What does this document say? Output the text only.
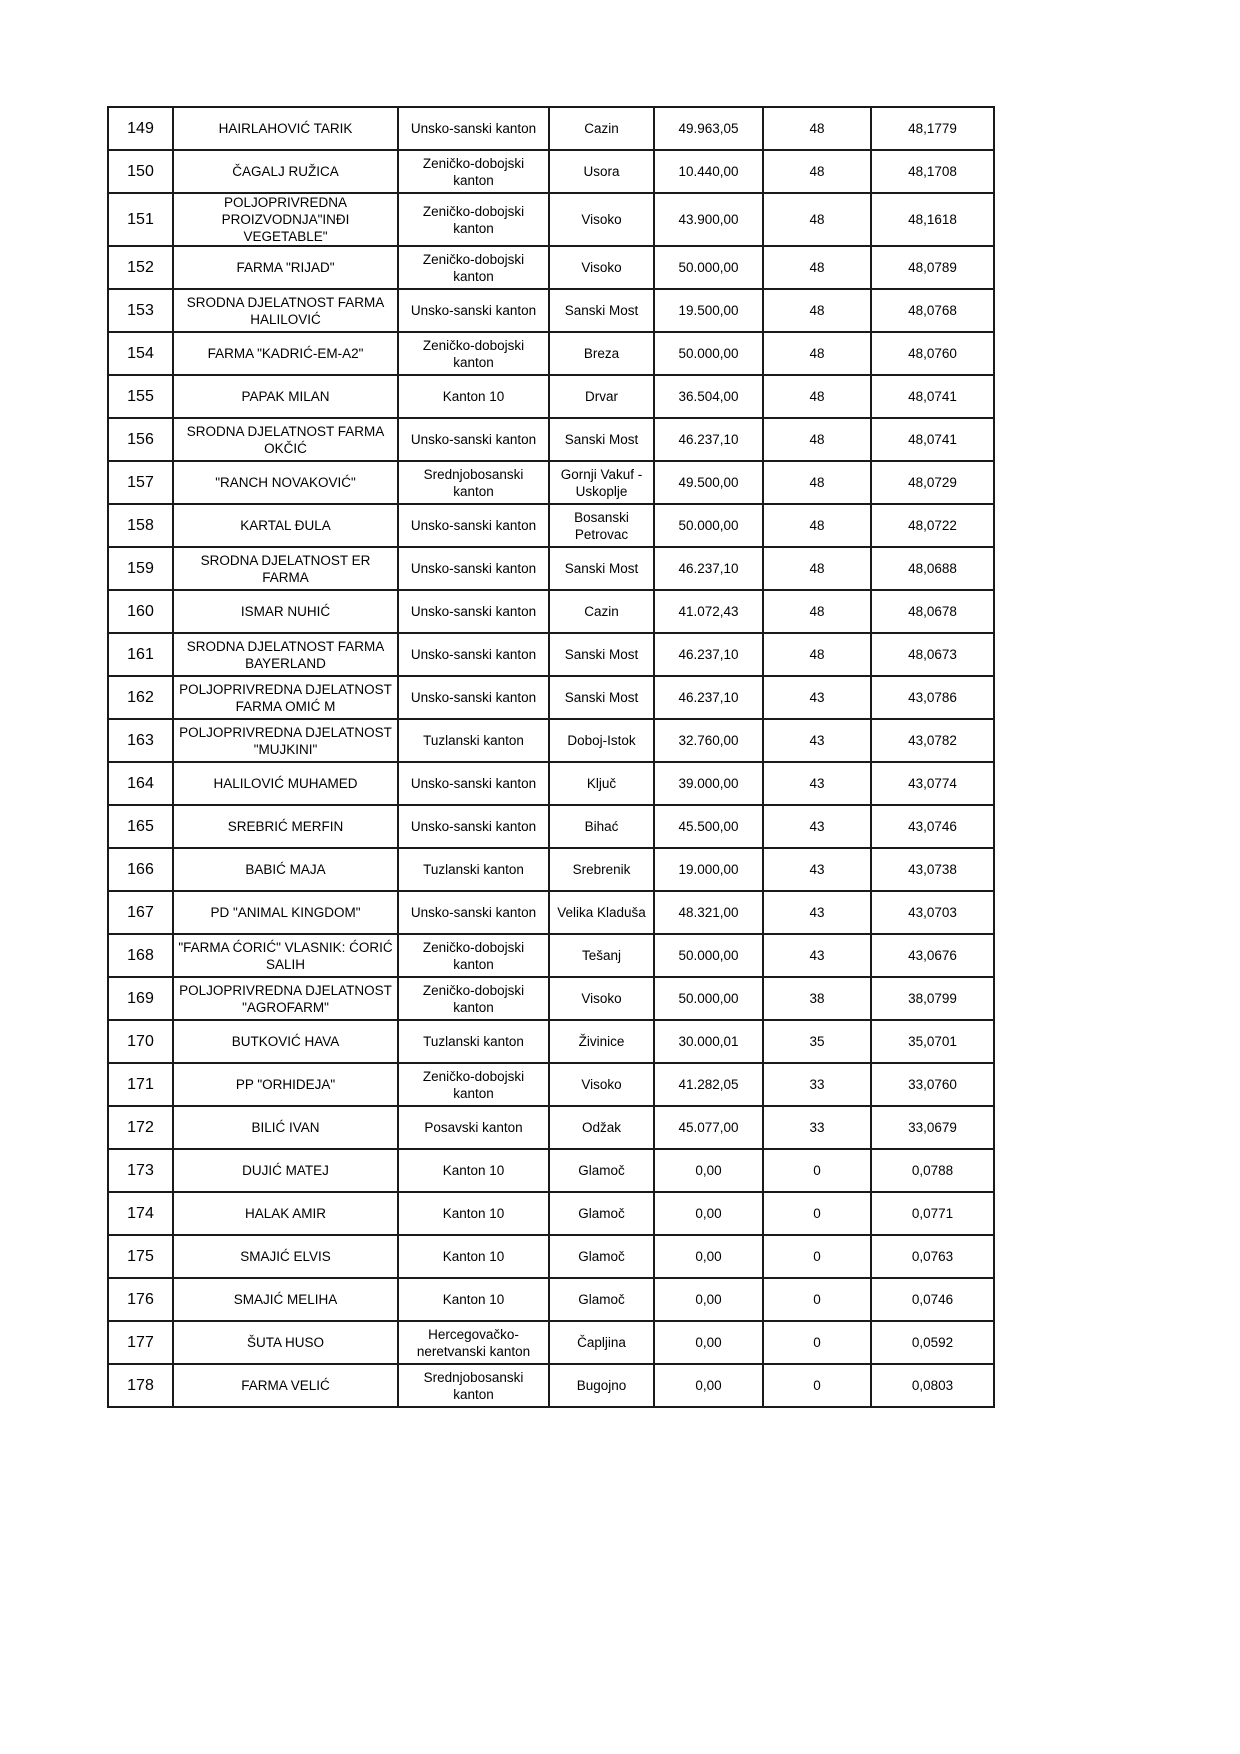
149	HAIRLAHOVIĆ TARIK	Unsko-sanski kanton	Cazin	49.963,05	48	48,1779
150	ČAGALJ RUŽICA	Zeničko-dobojski kanton	Usora	10.440,00	48	48,1708
151	POLJOPRIVREDNA PROIZVODNJA"INĐI VEGETABLE"	Zeničko-dobojski kanton	Visoko	43.900,00	48	48,1618
152	FARMA "RIJAD"	Zeničko-dobojski kanton	Visoko	50.000,00	48	48,0789
153	SRODNA DJELATNOST FARMA HALILOVIĆ	Unsko-sanski kanton	Sanski Most	19.500,00	48	48,0768
154	FARMA "KADRIĆ-EM-A2"	Zeničko-dobojski kanton	Breza	50.000,00	48	48,0760
155	PAPAK MILAN	Kanton 10	Drvar	36.504,00	48	48,0741
156	SRODNA DJELATNOST FARMA OKČIĆ	Unsko-sanski kanton	Sanski Most	46.237,10	48	48,0741
157	"RANCH NOVAKOVIĆ"	Srednjobosanski kanton	Gornji Vakuf - Uskoplje	49.500,00	48	48,0729
158	KARTAL ĐULA	Unsko-sanski kanton	Bosanski Petrovac	50.000,00	48	48,0722
159	SRODNA DJELATNOST ER FARMA	Unsko-sanski kanton	Sanski Most	46.237,10	48	48,0688
160	ISMAR NUHIĆ	Unsko-sanski kanton	Cazin	41.072,43	48	48,0678
161	SRODNA DJELATNOST FARMA BAYERLAND	Unsko-sanski kanton	Sanski Most	46.237,10	48	48,0673
162	POLJOPRIVREDNA DJELATNOST FARMA OMIĆ M	Unsko-sanski kanton	Sanski Most	46.237,10	43	43,0786
163	POLJOPRIVREDNA DJELATNOST "MUJKINI"	Tuzlanski kanton	Doboj-Istok	32.760,00	43	43,0782
164	HALILOVIĆ MUHAMED	Unsko-sanski kanton	Ključ	39.000,00	43	43,0774
165	SREBRIĆ MERFIN	Unsko-sanski kanton	Bihać	45.500,00	43	43,0746
166	BABIĆ MAJA	Tuzlanski kanton	Srebrenik	19.000,00	43	43,0738
167	PD "ANIMAL KINGDOM"	Unsko-sanski kanton	Velika Kladuša	48.321,00	43	43,0703
168	"FARMA ĆORIĆ" VLASNIK: ĆORIĆ SALIH	Zeničko-dobojski kanton	Tešanj	50.000,00	43	43,0676
169	POLJOPRIVREDNA DJELATNOST "AGROFARM"	Zeničko-dobojski kanton	Visoko	50.000,00	38	38,0799
170	BUTKOVIĆ HAVA	Tuzlanski kanton	Živinice	30.000,01	35	35,0701
171	PP "ORHIDEJA"	Zeničko-dobojski kanton	Visoko	41.282,05	33	33,0760
172	BILIĆ IVAN	Posavski kanton	Odžak	45.077,00	33	33,0679
173	DUJIĆ MATEJ	Kanton 10	Glamoč	0,00	0	0,0788
174	HALAK AMIR	Kanton 10	Glamoč	0,00	0	0,0771
175	SMAJIĆ ELVIS	Kanton 10	Glamoč	0,00	0	0,0763
176	SMAJIĆ MELIHA	Kanton 10	Glamoč	0,00	0	0,0746
177	ŠUTA HUSO	Hercegovačko-neretvanski kanton	Čapljina	0,00	0	0,0592
178	FARMA VELIĆ	Srednjobosanski kanton	Bugojno	0,00	0	0,0803
